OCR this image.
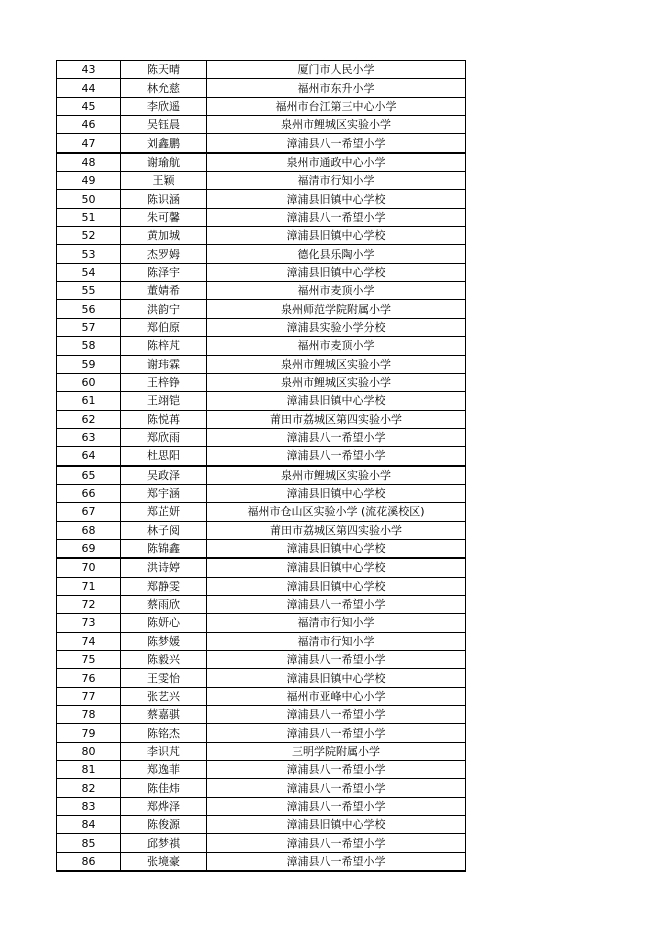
43	陈天晴	厦门市人民小学
44	林允慈	福州市东升小学
45	李欣遥	福州市台江第三中心小学
46	吴钰晨	泉州市鲤城区实验小学
47	刘鑫鹏	漳浦县八一希望小学
48	谢瑜航	泉州市通政中心小学
49	王颖	福清市行知小学
50	陈识涵	漳浦县旧镇中心学校
51	朱可馨	漳浦县八一希望小学
52	黄加城	漳浦县旧镇中心学校
53	杰罗姆	德化县乐陶小学
54	陈泽宇	漳浦县旧镇中心学校
55	董婧希	福州市麦顶小学
56	洪韵宁	泉州师范学院附属小学
57	郑伯原	漳浦县实验小学分校
58	陈梓芃	福州市麦顶小学
59	谢玮霖	泉州市鲤城区实验小学
60	王梓铮	泉州市鲤城区实验小学
61	王翊铠	漳浦县旧镇中心学校
62	陈悦苒	莆田市荔城区第四实验小学
63	郑欣雨	漳浦县八一希望小学
64	杜思阳	漳浦县八一希望小学
65	吴政泽	泉州市鲤城区实验小学
66	郑宇涵	漳浦县旧镇中心学校
67	郑芷妍	福州市仓山区实验小学 (流花溪校区)
68	林子阅	莆田市荔城区第四实验小学
69	陈锦鑫	漳浦县旧镇中心学校
70	洪诗婷	漳浦县旧镇中心学校
71	郑静雯	漳浦县旧镇中心学校
72	蔡雨欣	漳浦县八一希望小学
73	陈妍心	福清市行知小学
74	陈梦媛	福清市行知小学
75	陈毅兴	漳浦县八一希望小学
76	王雯怡	漳浦县旧镇中心学校
77	张艺兴	福州市亚峰中心小学
78	蔡嘉骐	漳浦县八一希望小学
79	陈铭杰	漳浦县八一希望小学
80	李识芃	三明学院附属小学
81	郑逸菲	漳浦县八一希望小学
82	陈佳炜	漳浦县八一希望小学
83	郑烨泽	漳浦县八一希望小学
84	陈俊源	漳浦县旧镇中心学校
85	邱梦祺	漳浦县八一希望小学
86	张境豪	漳浦县八一希望小学
